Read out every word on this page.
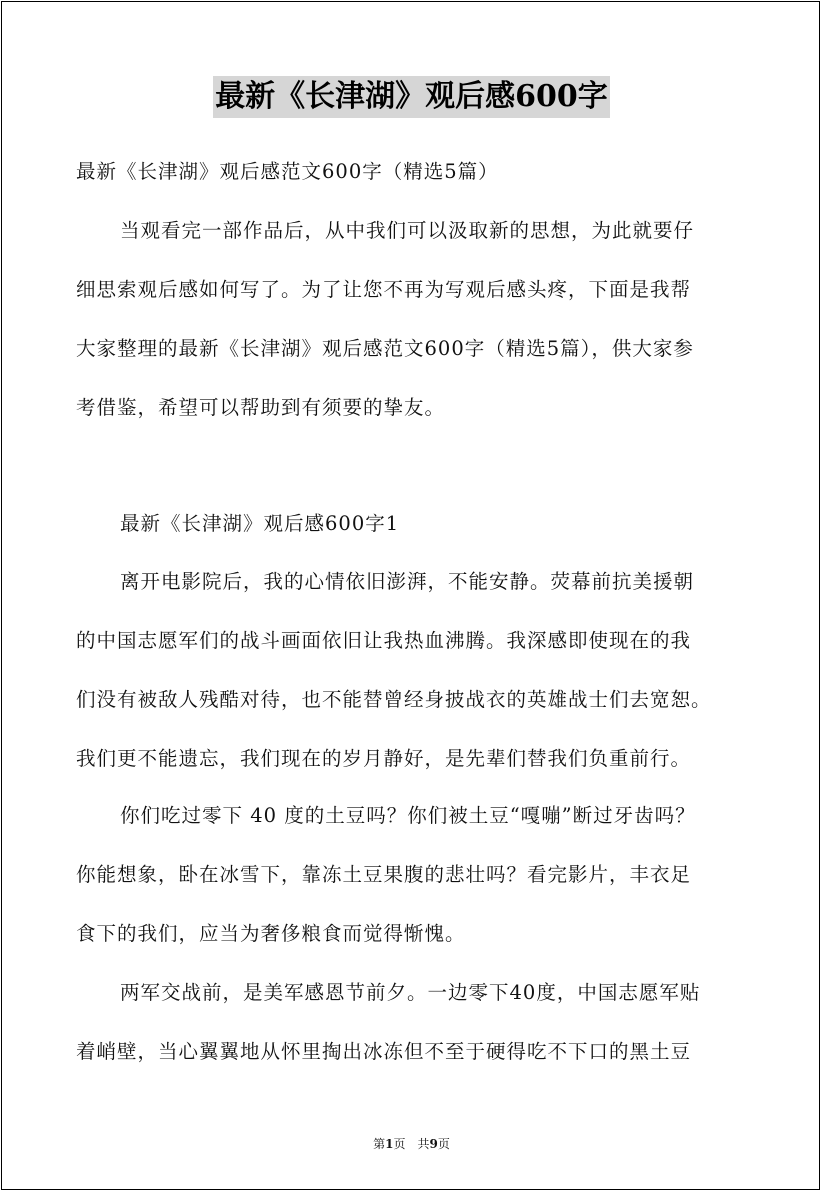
最新《长津湖》观后感600字
最新《长津湖》观后感范文600字（精选5篇）
当观看完一部作品后，从中我们可以汲取新的思想，为此就要仔
细思索观后感如何写了。为了让您不再为写观后感头疼，下面是我帮
大家整理的最新《长津湖》观后感范文600字（精选5篇），供大家参
考借鉴，希望可以帮助到有须要的挚友。
最新《长津湖》观后感600字1
离开电影院后，我的心情依旧澎湃，不能安静。荧幕前抗美援朝
的中国志愿军们的战斗画面依旧让我热血沸腾。我深感即使现在的我
们没有被敌人残酷对待，也不能替曾经身披战衣的英雄战士们去宽恕。
我们更不能遗忘，我们现在的岁月静好，是先辈们替我们负重前行。
你们吃过零下 40 度的土豆吗？你们被土豆“嘎嘣”断过牙齿吗？
你能想象，卧在冰雪下，靠冻土豆果腹的悲壮吗？看完影片，丰衣足
食下的我们，应当为奢侈粮食而觉得惭愧。
两军交战前，是美军感恩节前夕。一边零下40度，中国志愿军贴
着峭壁，当心翼翼地从怀里掏出冰冻但不至于硬得吃不下口的黑土豆
第1页　共9页
